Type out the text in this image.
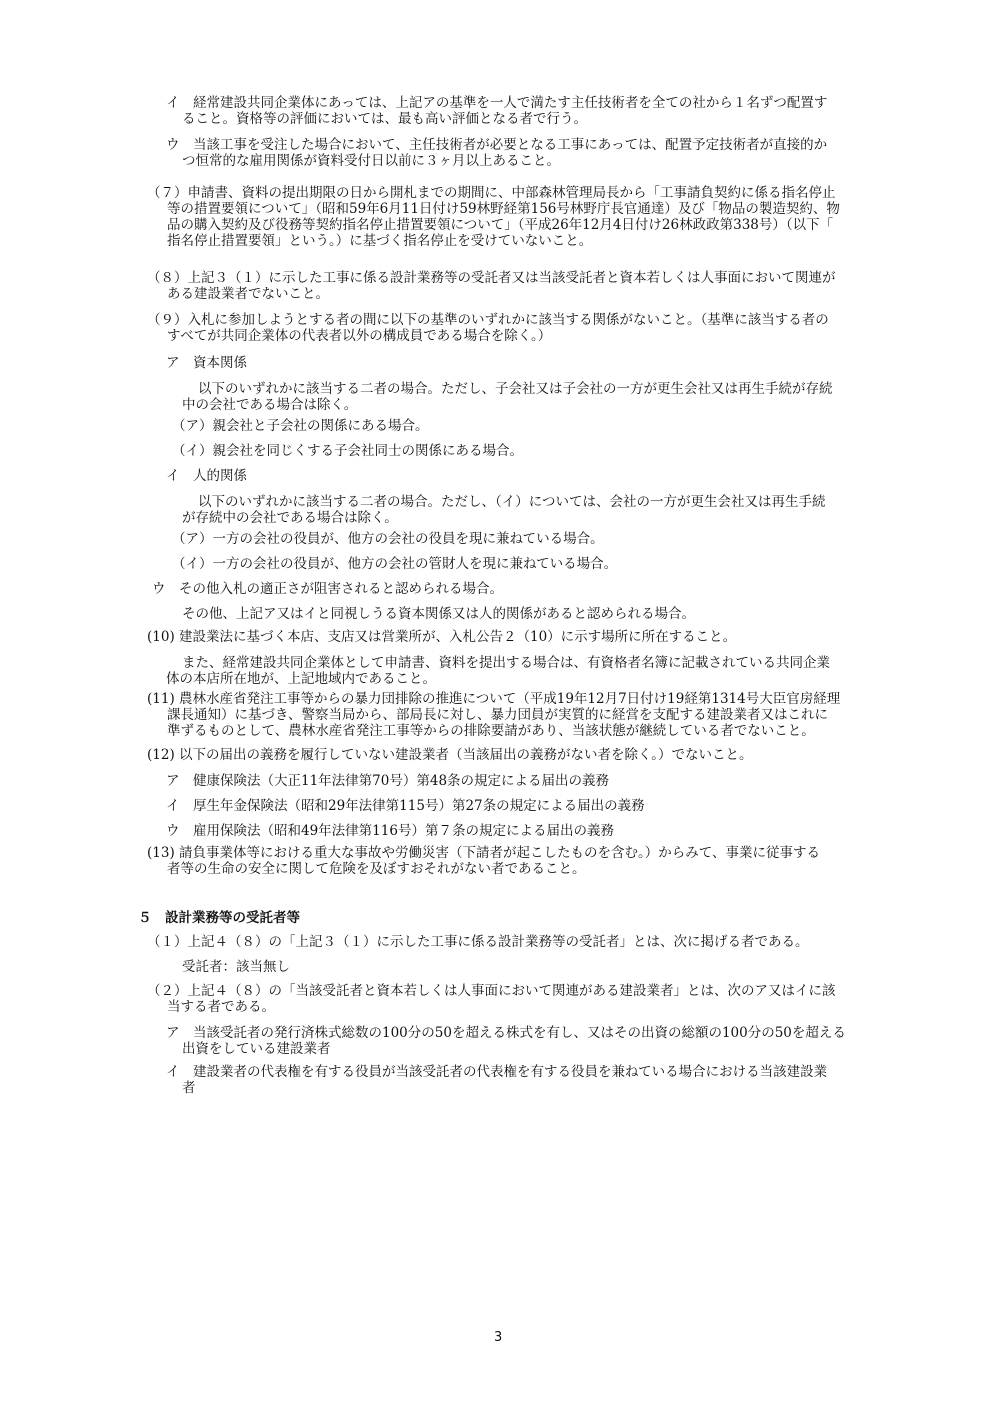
イ　経常建設共同企業体にあっては、上記アの基準を一人で満たす主任技術者を全ての社から１名ずつ配置す
ること。資格等の評価においては、最も高い評価となる者で行う。
ウ　当該工事を受注した場合において、主任技術者が必要となる工事にあっては、配置予定技術者が直接的か
つ恒常的な雇用関係が資料受付日以前に３ヶ月以上あること。
（７）申請書、資料の提出期限の日から開札までの期間に、中部森林管理局長から「工事請負契約に係る指名停止
等の措置要領について」（昭和59年6月11日付け59林野経第156号林野庁長官通達）及び「物品の製造契約、物
品の購入契約及び役務等契約指名停止措置要領について」（平成26年12月4日付け26林政政第338号）（以下「
指名停止措置要領」という。）に基づく指名停止を受けていないこと。
（８）上記３（１）に示した工事に係る設計業務等の受託者又は当該受託者と資本若しくは人事面において関連が
ある建設業者でないこと。
（９）入札に参加しようとする者の間に以下の基準のいずれかに該当する関係がないこと。（基準に該当する者の
すべてが共同企業体の代表者以外の構成員である場合を除く。）
ア　資本関係
以下のいずれかに該当する二者の場合。ただし、子会社又は子会社の一方が更生会社又は再生手続が存続
中の会社である場合は除く。
（ア）親会社と子会社の関係にある場合。
（イ）親会社を同じくする子会社同士の関係にある場合。
イ　人的関係
以下のいずれかに該当する二者の場合。ただし、（イ）については、会社の一方が更生会社又は再生手続
が存続中の会社である場合は除く。
（ア）一方の会社の役員が、他方の会社の役員を現に兼ねている場合。
（イ）一方の会社の役員が、他方の会社の管財人を現に兼ねている場合。
ウ　その他入札の適正さが阻害されると認められる場合。
その他、上記ア又はイと同視しうる資本関係又は人的関係があると認められる場合。
(10) 建設業法に基づく本店、支店又は営業所が、入札公告２（10）に示す場所に所在すること。
また、経常建設共同企業体として申請書、資料を提出する場合は、有資格者名簿に記載されている共同企業
体の本店所在地が、上記地域内であること。
(11) 農林水産省発注工事等からの暴力団排除の推進について（平成19年12月7日付け19経第1314号大臣官房経理
課長通知）に基づき、警察当局から、部局長に対し、暴力団員が実質的に経営を支配する建設業者又はこれに
準ずるものとして、農林水産省発注工事等からの排除要請があり、当該状態が継続している者でないこと。
(12) 以下の届出の義務を履行していない建設業者（当該届出の義務がない者を除く。）でないこと。
ア　健康保険法（大正11年法律第70号）第48条の規定による届出の義務
イ　厚生年金保険法（昭和29年法律第115号）第27条の規定による届出の義務
ウ　雇用保険法（昭和49年法律第116号）第７条の規定による届出の義務
(13) 請負事業体等における重大な事故や労働災害（下請者が起こしたものを含む。）からみて、事業に従事する
者等の生命の安全に関して危険を及ぼすおそれがない者であること。
５　設計業務等の受託者等
（１）上記４（８）の「上記３（１）に示した工事に係る設計業務等の受託者」とは、次に掲げる者である。
受託者：該当無し
（２）上記４（８）の「当該受託者と資本若しくは人事面において関連がある建設業者」とは、次のア又はイに該
当する者である。
ア　当該受託者の発行済株式総数の100分の50を超える株式を有し、又はその出資の総額の100分の50を超える
出資をしている建設業者
イ　建設業者の代表権を有する役員が当該受託者の代表権を有する役員を兼ねている場合における当該建設業
者
3
